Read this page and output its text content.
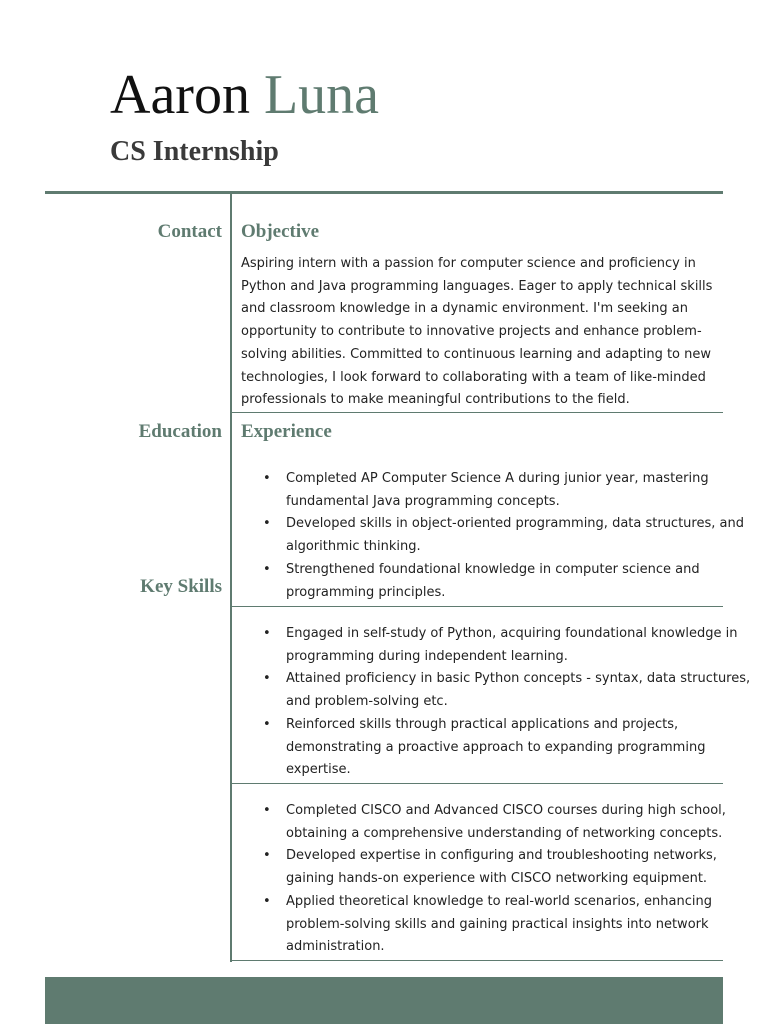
Aaron Luna
CS Internship
Contact
Education
Key Skills
Objective

Aspiring intern with a passion for computer science and proficiency in Python and Java programming languages. Eager to apply technical skills and classroom knowledge in a dynamic environment. I'm seeking an opportunity to contribute to innovative projects and enhance problem-solving abilities. Committed to continuous learning and adapting to new technologies, I look forward to collaborating with a team of like-minded professionals to make meaningful contributions to the field.

Experience
• Completed AP Computer Science A during junior year, mastering fundamental Java programming concepts.
• Developed skills in object-oriented programming, data structures, and algorithmic thinking.
• Strengthened foundational knowledge in computer science and programming principles.
• Engaged in self-study of Python, acquiring foundational knowledge in programming during independent learning.
• Attained proficiency in basic Python concepts - syntax, data structures, and problem-solving etc.
• Reinforced skills through practical applications and projects, demonstrating a proactive approach to expanding programming expertise.
• Completed CISCO and Advanced CISCO courses during high school, obtaining a comprehensive understanding of networking concepts.
• Developed expertise in configuring and troubleshooting networks, gaining hands-on experience with CISCO networking equipment.
• Applied theoretical knowledge to real-world scenarios, enhancing problem-solving skills and gaining practical insights into network administration.
